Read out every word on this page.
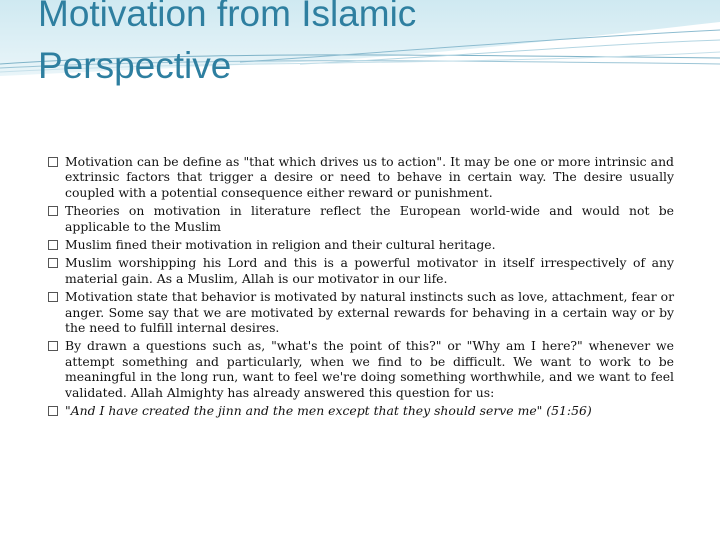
Motivation from Islamic
Perspective
Motivation can be define as "that which drives us to action". It may be one or more intrinsic and extrinsic factors that trigger a desire or need to behave in certain way. The desire usually coupled with a potential consequence either reward or punishment.
Theories on motivation in literature reflect the European world-wide and would not be applicable to the Muslim
Muslim fined their motivation in religion and their cultural heritage.
Muslim worshipping his Lord and this is a powerful motivator in itself irrespectively of any material gain. As a Muslim, Allah is our motivator in our life.
Motivation state that behavior is motivated by natural instincts such as love, attachment, fear or anger. Some say that we are motivated by external rewards for behaving in a certain way or by the need to fulfill internal desires.
By drawn a questions such as, "what's the point of this?" or "Why am I here?" whenever we attempt something and particularly, when we find to be difficult. We want to work to be meaningful in the long run, want to feel we're doing something worthwhile, and we want to feel validated. Allah Almighty has already answered this question for us:
"And I have created the jinn and the men except that they should serve me" (51:56)
